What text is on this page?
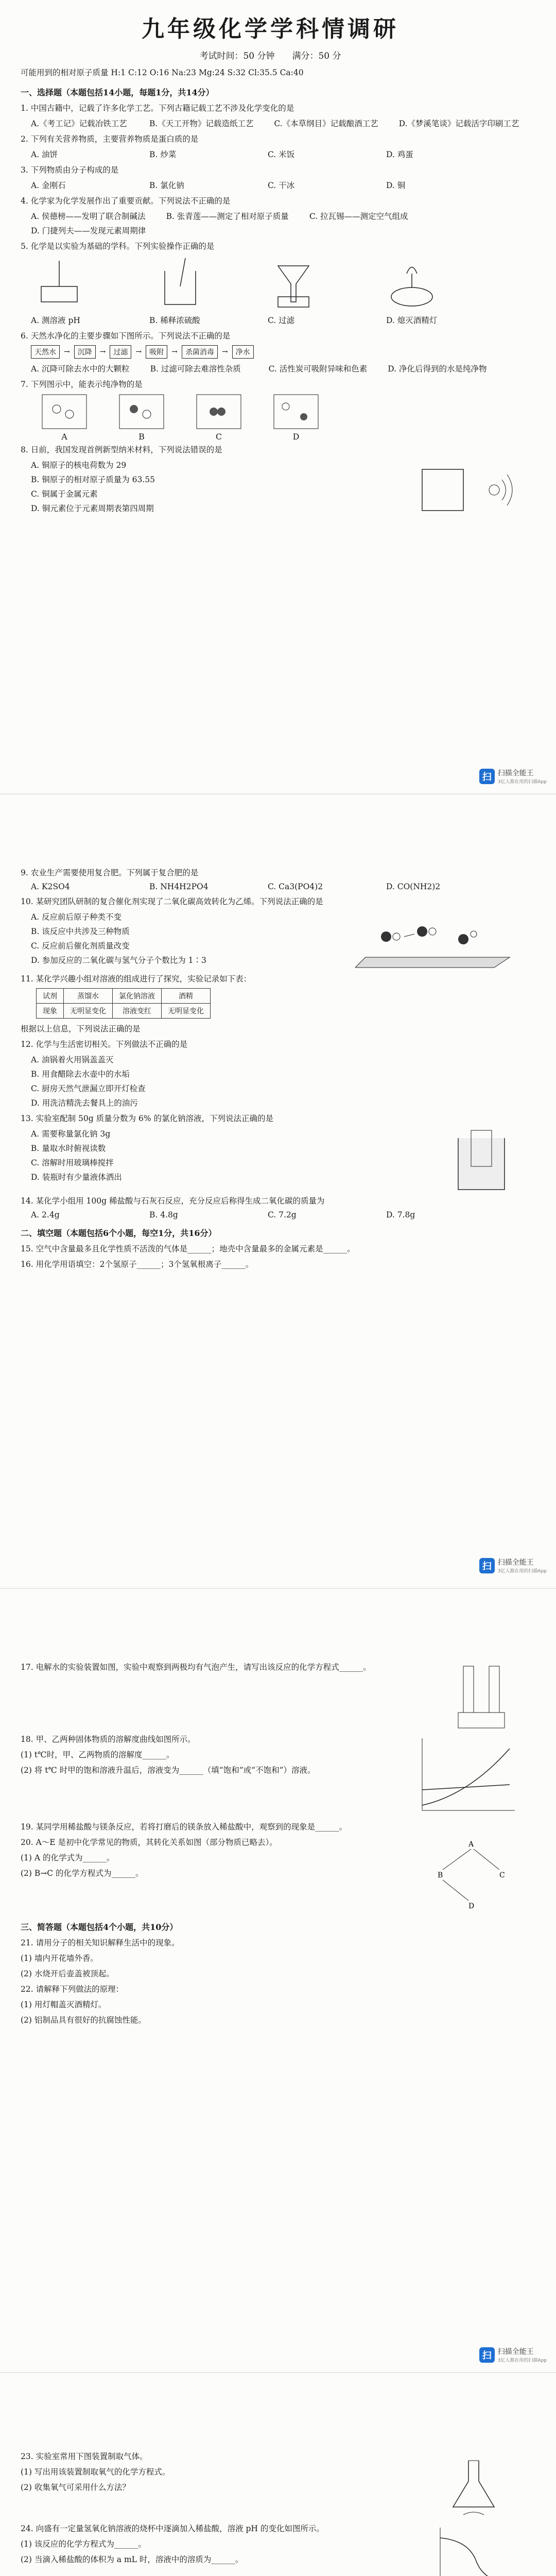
九年级化学学科情调研
考试时间：50 分钟　　满分：50 分

可能用到的相对原子质量 H:1 C:12 O:16 Na:23 Mg:24 S:32 Cl:35.5 Ca:40

一、选择题（本题包括14小题，每题1分，共14分）

1. 中国古籍中，记载了许多化学工艺。下列古籍记载工艺不涉及化学变化的是

A.《考工记》记载冶铁工艺	B.《天工开物》记载造纸工艺	C.《本草纲目》记载酿酒工艺	D.《梦溪笔谈》记载活字印刷工艺

2. 下列有关营养物质，主要营养物质是蛋白质的是

A. 油饼	B. 炒菜	C. 米饭	D. 鸡蛋

3. 下列物质由分子构成的是

A. 金刚石	B. 氯化钠	C. 干冰	D. 铜

4. 化学家为化学发展作出了重要贡献。下列说法不正确的是

A. 侯德榜——发明了联合制碱法	B. 张青莲——测定了相对原子质量	C. 拉瓦锡——测定空气组成
D. 门捷列夫——发现元素周期律

5. 化学是以实验为基础的学科。下列实验操作正确的是

A. 测溶液 pH	B. 稀释浓硫酸	C. 过滤	D. 熄灭酒精灯

6. 天然水净化的主要步骤如下图所示。下列说法不正确的是

天然水	→	沉降	→	过滤	→	吸附	→	杀菌消毒	→	净水
A. 沉降可除去水中的大颗粒	B. 过滤可除去难溶性杂质	C. 活性炭可吸附异味和色素	D. 净化后得到的水是纯净物

7. 下列图示中，能表示纯净物的是

A	B	C	D

8. 日前，我国发现首例新型纳米材料，下列说法错误的是

A. 铜原子的核电荷数为 29
B. 铜原子的相对原子质量为 63.55
C. 铜属于金属元素
D. 铜元素位于元素周期表第四周期
扫 扫描全能王
3亿人都在用的扫描App

9. 农业生产需要使用复合肥。下列属于复合肥的是

A. K2SO4	B. NH4H2PO4	C. Ca3(PO4)2	D. CO(NH2)2

10. 某研究团队研制的复合催化剂实现了二氧化碳高效转化为乙烯。下列说法正确的是

A. 反应前后原子种类不变
B. 该反应中共涉及三种物质
C. 反应前后催化剂质量改变
D. 参加反应的二氧化碳与氢气分子个数比为 1∶3

11. 某化学兴趣小组对溶液的组成进行了探究，实验记录如下表：

试剂	蒸馏水	氯化钠溶液	酒精
现象	无明显变化	溶液变红	无明显变化

根据以上信息，下列说法正确的是

12. 化学与生活密切相关。下列做法不正确的是

A. 油锅着火用锅盖盖灭
B. 用食醋除去水壶中的水垢
C. 厨房天然气泄漏立即开灯检查
D. 用洗洁精洗去餐具上的油污

13. 实验室配制 50g 质量分数为 6% 的氯化钠溶液，下列说法正确的是

A. 需要称量氯化钠 3g
B. 量取水时俯视读数
C. 溶解时用玻璃棒搅拌
D. 装瓶时有少量液体洒出

14. 某化学小组用 100g 稀盐酸与石灰石反应，充分反应后称得生成二氧化碳的质量为

A. 2.4g	B. 4.8g	C. 7.2g	D. 7.8g

二、填空题（本题包括6个小题，每空1分，共16分）

15. 空气中含量最多且化学性质不活泼的气体是______；地壳中含量最多的金属元素是______。

16. 用化学用语填空：2个氢原子______；3个氢氧根离子______。

扫 扫描全能王
3亿人都在用的扫描App

17. 电解水的实验装置如图，实验中观察到两极均有气泡产生，请写出该反应的化学方程式______。

18. 甲、乙两种固体物质的溶解度曲线如图所示。

(1) t℃时，甲、乙两物质的溶解度______。

(2) 将 t℃ 时甲的饱和溶液升温后，溶液变为______（填“饱和”或“不饱和”）溶液。

19. 某同学用稀盐酸与镁条反应，若将打磨后的镁条放入稀盐酸中，观察到的现象是______。

20. A～E 是初中化学常见的物质，其转化关系如图（部分物质已略去）。

(1) A 的化学式为______。

(2) B→C 的化学方程式为______。

A
B	C
D

三、简答题（本题包括4个小题，共10分）

21. 请用分子的相关知识解释生活中的现象。

(1) 墙内开花墙外香。

(2) 水烧开后壶盖被顶起。

22. 请解释下列做法的原理：

(1) 用灯帽盖灭酒精灯。

(2) 铝制品具有很好的抗腐蚀性能。

扫 扫描全能王
3亿人都在用的扫描App

23. 实验室常用下图装置制取气体。

(1) 写出用该装置制取氧气的化学方程式。

(2) 收集氧气可采用什么方法？

24. 向盛有一定量氢氧化钠溶液的烧杯中逐滴加入稀盐酸，溶液 pH 的变化如图所示。

(1) 该反应的化学方程式为______。

(2) 当滴入稀盐酸的体积为 a mL 时，溶液中的溶质为______。
